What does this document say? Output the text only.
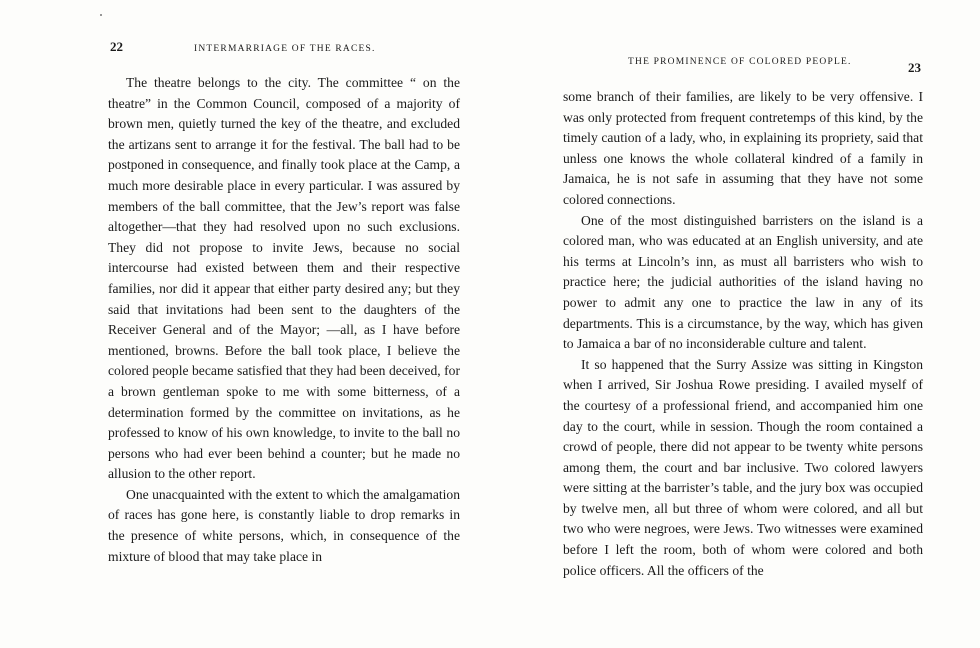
22	INTERMARRIAGE OF THE RACES.

The theatre belongs to the city. The committee “ on the theatre” in the Common Council, composed of a majority of brown men, quietly turned the key of the theatre, and excluded the artizans sent to arrange it for the festival. The ball had to be postponed in consequence, and finally took place at the Camp, a much more desirable place in every particular. I was assured by members of the ball committee, that the Jew’s report was false altogether—that they had resolved upon no such exclusions. They did not propose to invite Jews, because no social intercourse had existed between them and their respective families, nor did it appear that either party desired any; but they said that invitations had been sent to the daughters of the Receiver General and of the Mayor; —all, as I have before mentioned, browns. Before the ball took place, I believe the colored people became satisfied that they had been deceived, for a brown gentleman spoke to me with some bitterness, of a determination formed by the committee on invitations, as he professed to know of his own knowledge, to invite to the ball no persons who had ever been behind a counter; but he made no allusion to the other report.

One unacquainted with the extent to which the amalgamation of races has gone here, is constantly liable to drop remarks in the presence of white persons, which, in consequence of the mixture of blood that may take place in

THE PROMINENCE OF COLORED PEOPLE.	23

some branch of their families, are likely to be very offensive. I was only protected from frequent contretemps of this kind, by the timely caution of a lady, who, in explaining its propriety, said that unless one knows the whole collateral kindred of a family in Jamaica, he is not safe in assuming that they have not some colored connections.

One of the most distinguished barristers on the island is a colored man, who was educated at an English university, and ate his terms at Lincoln’s inn, as must all barristers who wish to practice here; the judicial authorities of the island having no power to admit any one to practice the law in any of its departments. This is a circumstance, by the way, which has given to Jamaica a bar of no inconsiderable culture and talent.

It so happened that the Surry Assize was sitting in Kingston when I arrived, Sir Joshua Rowe presiding. I availed myself of the courtesy of a professional friend, and accompanied him one day to the court, while in session. Though the room contained a crowd of people, there did not appear to be twenty white persons among them, the court and bar inclusive. Two colored lawyers were sitting at the barrister’s table, and the jury box was occupied by twelve men, all but three of whom were colored, and all but two who were negroes, were Jews. Two witnesses were examined before I left the room, both of whom were colored and both police officers. All the officers of the
